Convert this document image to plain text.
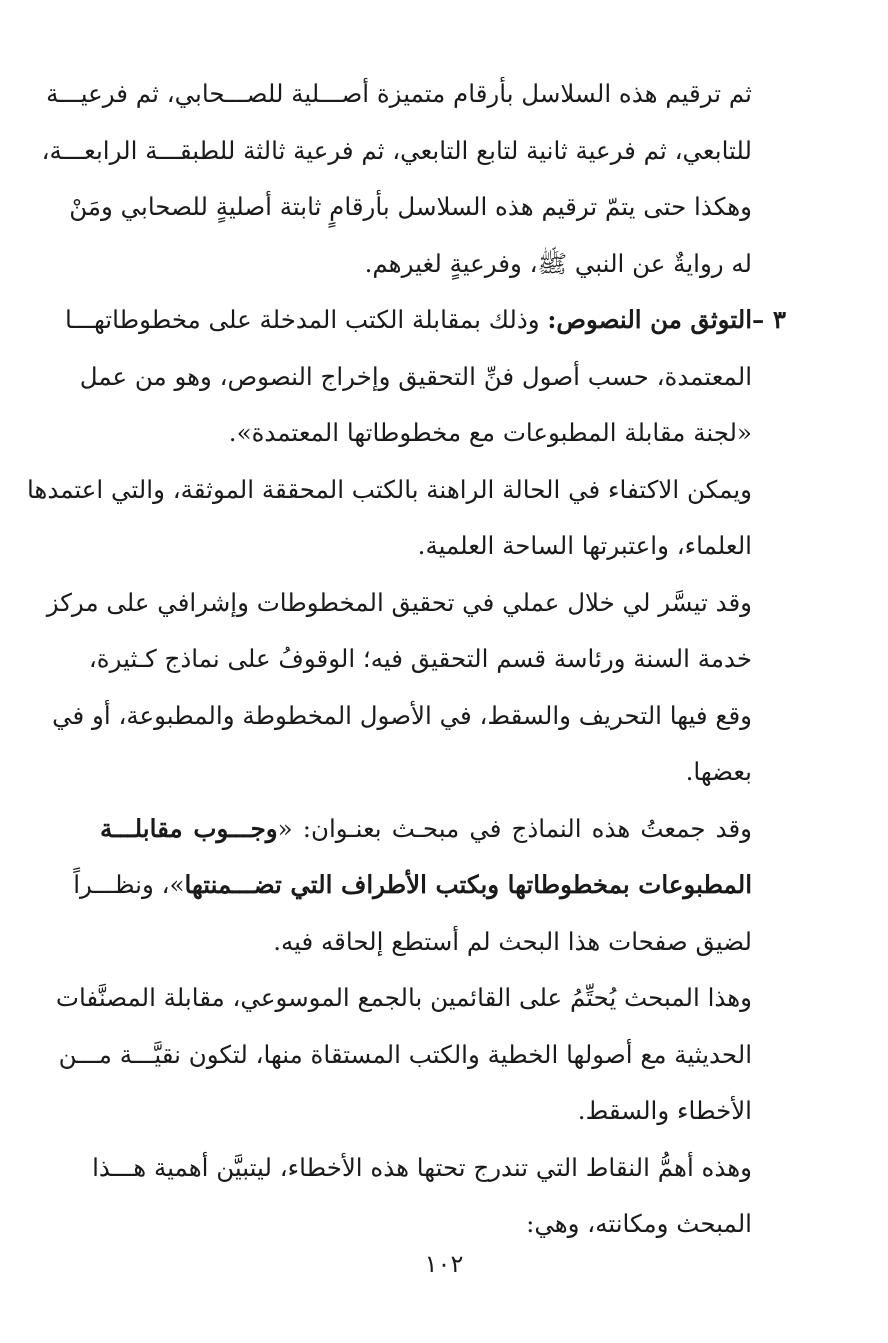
ثم ترقيم هذه السلاسل بأرقام متميزة أصـــلية للصـــحابي، ثم فرعيـــة
للتابعي، ثم فرعية ثانية لتابع التابعي، ثم فرعية ثالثة للطبقـــة الرابعـــة،
وهكذا حتى يتمّ ترقيم هذه السلاسل بأرقامٍ ثابتة أصليةٍ للصحابي ومَنْ
له روايةٌ عن النبي ﷺ، وفرعيةٍ لغيرهم.
٣ –
التوثق من النصوص: وذلك بمقابلة الكتب المدخلة على مخطوطاتهـــا
المعتمدة، حسب أصول فنِّ التحقيق وإخراج النصوص، وهو من عمل
«لجنة مقابلة المطبوعات مع مخطوطاتها المعتمدة».
ويمكن الاكتفاء في الحالة الراهنة بالكتب المحققة الموثقة، والتي اعتمدها
العلماء، واعتبرتها الساحة العلمية.
وقد تيسَّر لي خلال عملي في تحقيق المخطوطات وإشرافي على مركز
خدمة السنة ورئاسة قسم التحقيق فيه؛ الوقوفُ على نماذج كـثيرة،
وقع فيها التحريف والسقط، في الأصول المخطوطة والمطبوعة، أو في
بعضها.
وقد جمعتُ هذه النماذج في مبحـث بعنـوان: «وجـــوب مقابلـــة
المطبوعات بمخطوطاتها وبكتب الأطراف التي تضـــمنتها»، ونظـــراً
لضيق صفحات هذا البحث لم أستطع إلحاقه فيه.
وهذا المبحث يُحتِّمُ على القائمين بالجمع الموسوعي، مقابلة المصنَّفات
الحديثية مع أصولها الخطية والكتب المستقاة منها، لتكون نقيَّـــة مـــن
الأخطاء والسقط.
وهذه أهمُّ النقاط التي تندرج تحتها هذه الأخطاء، ليتبيَّن أهمية هـــذا
المبحث ومكانته، وهي:
١٠٢
